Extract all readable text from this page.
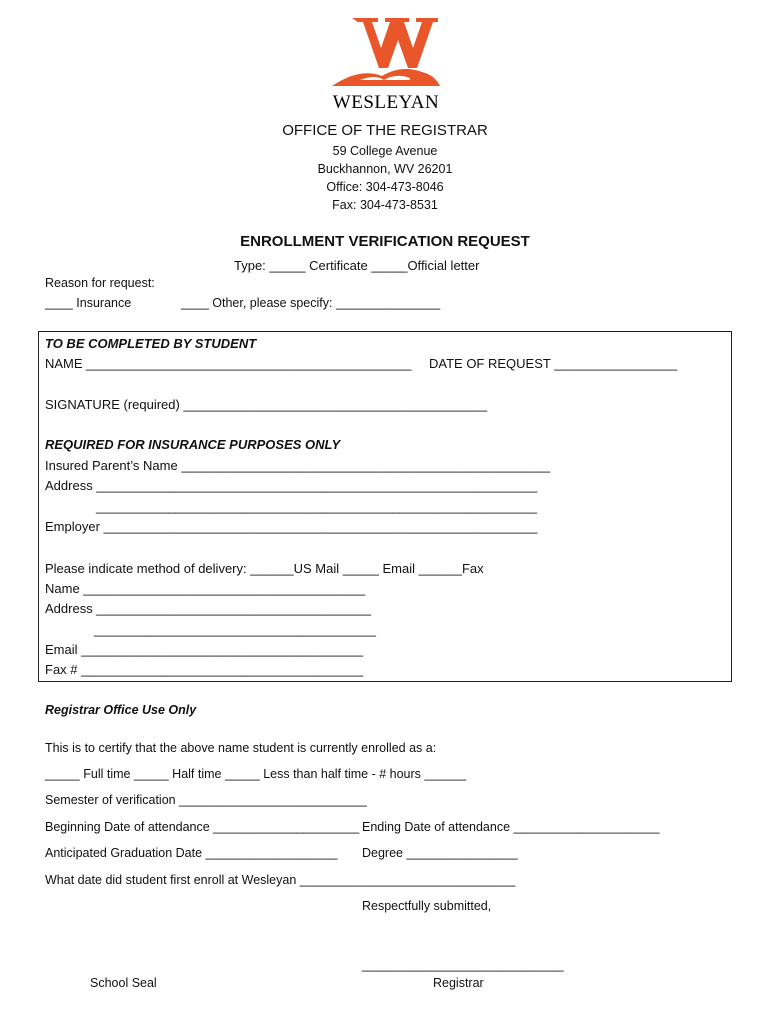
WESLEYAN
OFFICE OF THE REGISTRAR
59 College Avenue
Buckhannon, WV 26201
Office: 304-473-8046
Fax: 304-473-8531
ENROLLMENT VERIFICATION REQUEST
Type: _____ Certificate _____Official letter
Reason for request:
____ Insurance	____ Other, please specify: _______________
TO BE COMPLETED BY STUDENT
NAME _____________________________________________ DATE OF REQUEST _________________
SIGNATURE (required) __________________________________________
REQUIRED FOR INSURANCE PURPOSES ONLY
Insured Parent’s Name ___________________________________________________
Address _____________________________________________________________
_____________________________________________________________
Employer ____________________________________________________________
Please indicate method of delivery: ______US Mail _____ Email ______Fax
Name _______________________________________
Address ______________________________________
_______________________________________
Email _______________________________________
Fax # _______________________________________
Registrar Office Use Only
This is to certify that the above name student is currently enrolled as a:
_____ Full time _____ Half time _____ Less than half time - # hours ______
Semester of verification ___________________________
Beginning Date of attendance _____________________ Ending Date of attendance _____________________
Anticipated Graduation Date ___________________ Degree ________________
What date did student first enroll at Wesleyan _______________________________
Respectfully submitted,
_____________________________
School Seal	Registrar
